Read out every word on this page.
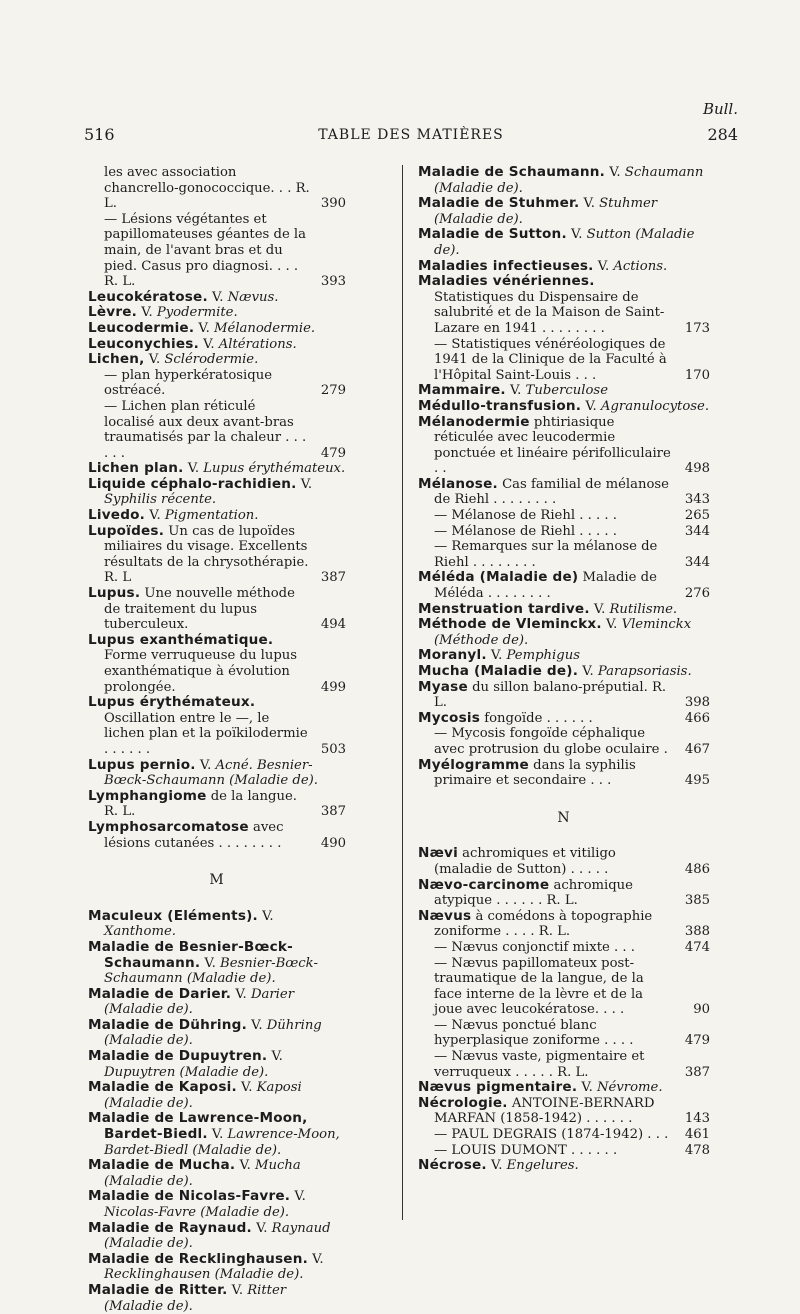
Bull.
516	TABLE DES MATIÈRES	284
les avec association chancrello-gonococcique. . . R. L.	390
— Lésions végétantes et papillomateuses géantes de la main, de l'avant bras et du pied. Casus pro diagnosi. . . . R. L.	393
Leucokératose. V. Nævus.
Lèvre. V. Pyodermite.
Leucodermie. V. Mélanodermie.
Leuconychies. V. Altérations.
Lichen, V. Sclérodermie.
— plan hyperkératosique ostréacé.	279
— Lichen plan réticulé localisé aux deux avant-bras traumatisés par la chaleur . . . . . .	479
Lichen plan. V. Lupus érythémateux.
Liquide céphalo-rachidien. V. Syphilis récente.
Livedo. V. Pigmentation.
Lupoïdes. Un cas de lupoïdes miliaires du visage. Excellents résultats de la chrysothérapie. R. L	387
Lupus. Une nouvelle méthode de traitement du lupus tuberculeux.	494
Lupus exanthématique. Forme verruqueuse du lupus exanthématique à évolution prolongée.	499
Lupus érythémateux. Oscillation entre le —, le lichen plan et la poïkilodermie . . . . . .	503
Lupus pernio. V. Acné. Besnier-Bœck-Schaumann (Maladie de).
Lymphangiome de la langue. R. L.	387
Lymphosarcomatose avec lésions cutanées . . . . . . . .	490
M
Maculeux (Eléments). V. Xanthome.
Maladie de Besnier-Bœck-Schaumann. V. Besnier-Bœck-Schaumann (Maladie de).
Maladie de Darier. V. Darier (Maladie de).
Maladie de Dühring. V. Dühring (Maladie de).
Maladie de Dupuytren. V. Dupuytren (Maladie de).
Maladie de Kaposi. V. Kaposi (Maladie de).
Maladie de Lawrence-Moon, Bardet-Biedl. V. Lawrence-Moon, Bardet-Biedl (Maladie de).
Maladie de Mucha. V. Mucha (Maladie de).
Maladie de Nicolas-Favre. V. Nicolas-Favre (Maladie de).
Maladie de Raynaud. V. Raynaud (Maladie de).
Maladie de Recklinghausen. V. Recklinghausen (Maladie de).
Maladie de Ritter. V. Ritter (Maladie de).
Maladie de Schaumann. V. Schaumann (Maladie de).
Maladie de Stuhmer. V. Stuhmer (Maladie de).
Maladie de Sutton. V. Sutton (Maladie de).
Maladies infectieuses. V. Actions.
Maladies vénériennes. Statistiques du Dispensaire de salubrité et de la Maison de Saint-Lazare en 1941 . . . . . . . .	173
— Statistiques vénéréologiques de 1941 de la Clinique de la Faculté à l'Hôpital Saint-Louis . . .	170
Mammaire. V. Tuberculose
Médullo-transfusion. V. Agranulocytose.
Mélanodermie phtiriasique réticulée avec leucodermie ponctuée et linéaire périfolliculaire . .	498
Mélanose. Cas familial de mélanose de Riehl . . . . . . . .	343
— Mélanose de Riehl . . . . .	265
— Mélanose de Riehl . . . . .	344
— Remarques sur la mélanose de Riehl . . . . . . . .	344
Méléda (Maladie de) Maladie de Méléda . . . . . . . .	276
Menstruation tardive. V. Rutilisme.
Méthode de Vleminckx. V. Vleminckx (Méthode de).
Moranyl. V. Pemphigus
Mucha (Maladie de). V. Parapsoriasis.
Myase du sillon balano-préputial. R. L.	398
Mycosis fongoïde . . . . . .	466
— Mycosis fongoïde céphalique avec protrusion du globe oculaire . 467
Myélogramme dans la syphilis primaire et secondaire . . .	495
N
Nævi achromiques et vitiligo (maladie de Sutton) . . . . .	486
Nævo-carcinome achromique atypique . . . . . . R. L.	385
Nævus à comédons à topographie zoniforme . . . . R. L.	388
— Nævus conjonctif mixte . . .	474
— Nævus papillomateux post-traumatique de la langue, de la face interne de la lèvre et de la joue avec leucokératose. . . .	90
— Nævus ponctué blanc hyperplasique zoniforme . . . .	479
— Nævus vaste, pigmentaire et verruqueux . . . . . R. L.	387
Nævus pigmentaire. V. Névrome.
Nécrologie. ANTOINE-BERNARD MARFAN (1858-1942) . . . . . .	143
— PAUL DEGRAIS (1874-1942) . . . 461
— LOUIS DUMONT . . . . . .	478
Nécrose. V. Engelures.
